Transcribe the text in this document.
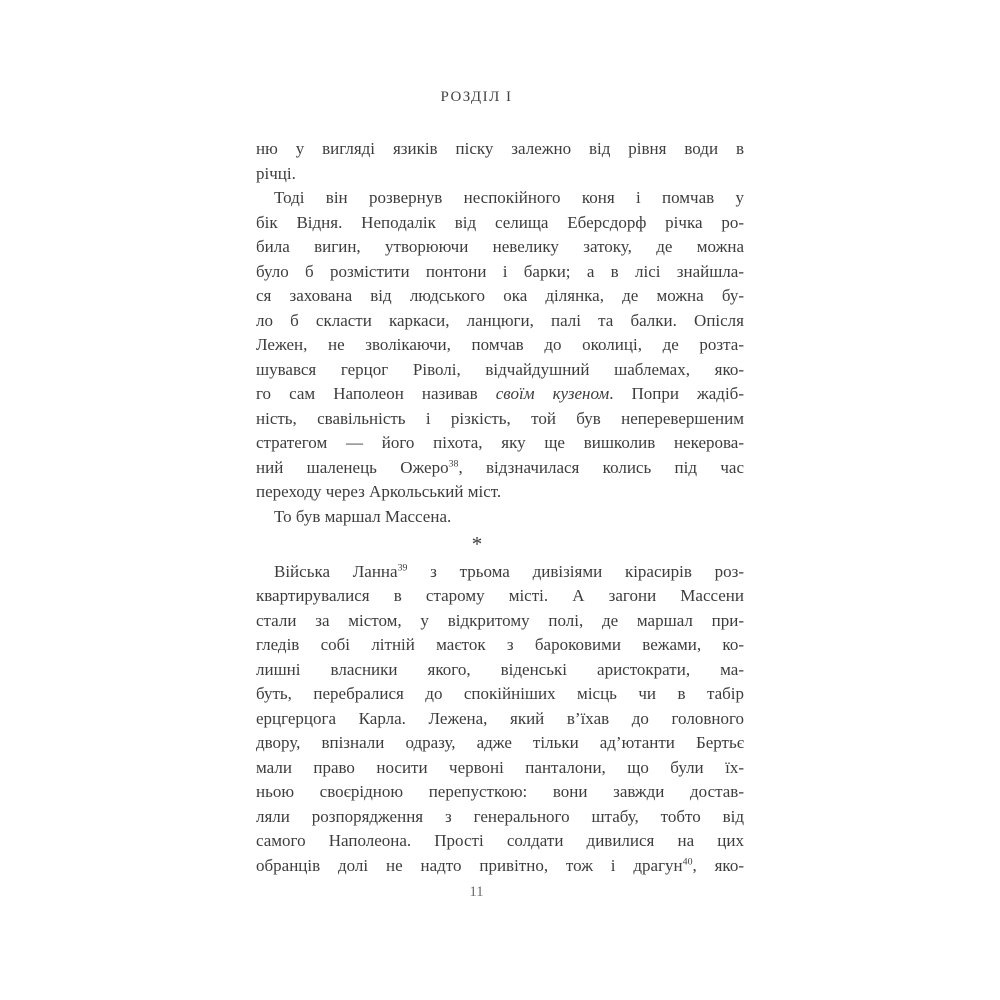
РОЗДІЛ I
ню у вигляді язиків піску залежно від рівня води в
річці.
Тоді він розвернув неспокійного коня і помчав у
бік Відня. Неподалік від селища Еберсдорф річка ро-
била вигин, утворюючи невелику затоку, де можна
було б розмістити понтони і барки; а в лісі знайшла-
ся захована від людського ока ділянка, де можна бу-
ло б скласти каркаси, ланцюги, палі та балки. Опісля
Лежен, не зволікаючи, помчав до околиці, де розта-
шувався герцог Ріволі, відчайдушний шаблемах, яко-
го сам Наполеон називав своїм кузеном. Попри жадіб-
ність, свавільність і різкість, той був неперевершеним
стратегом — його піхота, яку ще вишколив некерова-
ний шаленець Ожеро$^{38}$, відзначилася колись під час
переходу через Аркольський міст.
То був маршал Массена.
*
Війська Ланна$^{39}$ з трьома дивізіями кірасирів роз-
квартирувалися в старому місті. А загони Массени
стали за містом, у відкритому полі, де маршал при-
гледів собі літній маєток з бароковими вежами, ко-
лишні власники якого, віденські аристократи, ма-
буть, перебралися до спокійніших місць чи в табір
ерцгерцога Карла. Лежена, який в’їхав до головного
двору, впізнали одразу, адже тільки ад’ютанти Бертьє
мали право носити червоні панталони, що були їх-
ньою своєрідною перепусткою: вони завжди достав-
ляли розпорядження з генерального штабу, тобто від
самого Наполеона. Прості солдати дивилися на цих
обранців долі не надто привітно, тож і драгун$^{40}$, яко-
11
